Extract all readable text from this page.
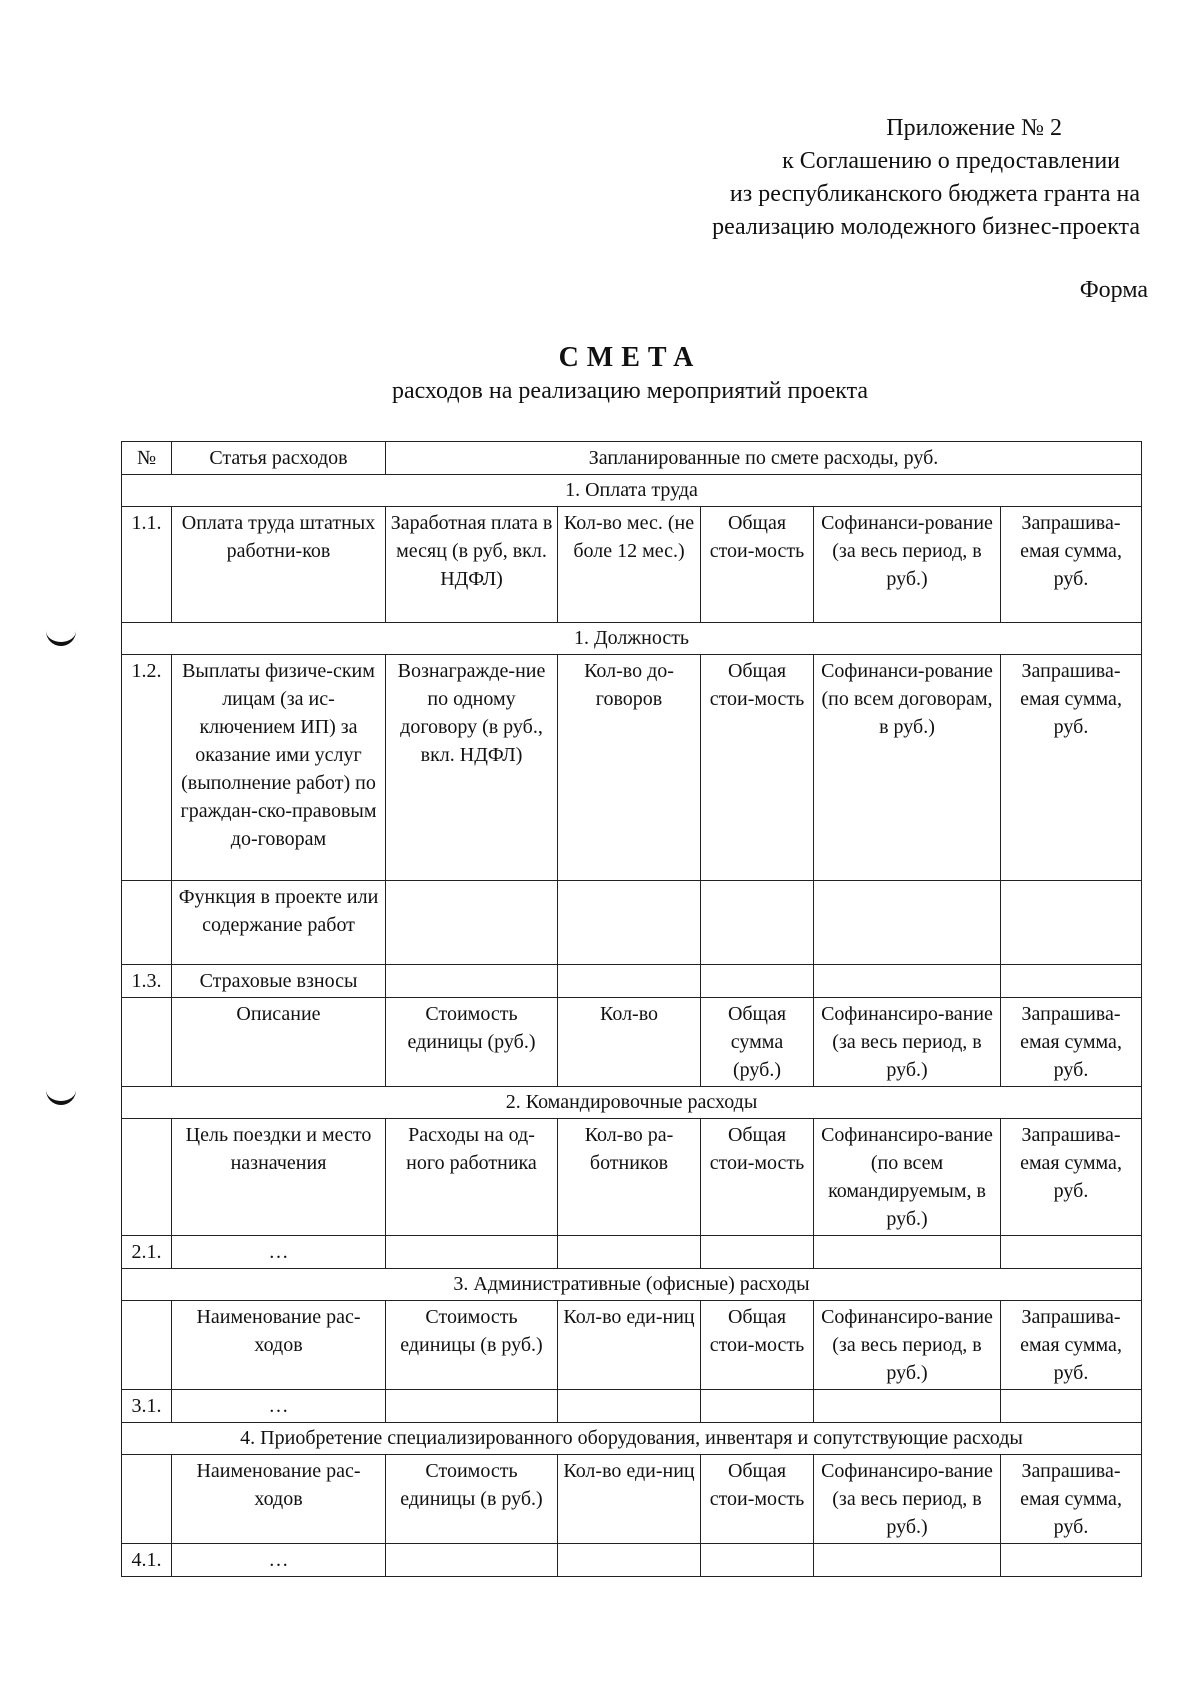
Приложение № 2
к Соглашению о предоставлении
из республиканского бюджета гранта на
реализацию молодежного бизнес-проекта
Форма
СМЕТА
расходов на реализацию мероприятий проекта
№	Статья расходов	Запланированные по смете расходы, руб.				
1. Оплата труда						
1.1.	Оплата труда штатных работни-ков	Заработная плата в месяц (в руб, вкл. НДФЛ)	Кол-во мес. (не боле 12 мес.)	Общая стои-мость	Софинанси-рование (за весь период, в руб.)	Запрашива-емая сумма, руб.
1. Должность						
1.2.	Выплаты физиче-ским лицам (за ис-ключением ИП) за оказание ими услуг (выполнение работ) по граждан-ско-правовым до-говорам	Вознагражде-ние по одному договору (в руб., вкл. НДФЛ)	Кол-во до-говоров	Общая стои-мость	Софинанси-рование (по всем договорам, в руб.)	Запрашива-емая сумма, руб.
	Функция в проекте или содержание работ					
1.3.	Страховые взносы					
	Описание	Стоимость единицы (руб.)	Кол-во	Общая сумма (руб.)	Софинансиро-вание (за весь период, в руб.)	Запрашива-емая сумма, руб.
2. Командировочные расходы						
	Цель поездки и место назначения	Расходы на од-ного работника	Кол-во ра-ботников	Общая стои-мость	Софинансиро-вание (по всем командируемым, в руб.)	Запрашива-емая сумма, руб.
2.1.	…					
3. Административные (офисные) расходы						
	Наименование рас-ходов	Стоимость единицы (в руб.)	Кол-во еди-ниц	Общая стои-мость	Софинансиро-вание (за весь период, в руб.)	Запрашива-емая сумма, руб.
3.1.	…					
4. Приобретение специализированного оборудования, инвентаря и сопутствующие расходы						
	Наименование рас-ходов	Стоимость единицы (в руб.)	Кол-во еди-ниц	Общая стои-мость	Софинансиро-вание (за весь период, в руб.)	Запрашива-емая сумма, руб.
4.1.	…					
